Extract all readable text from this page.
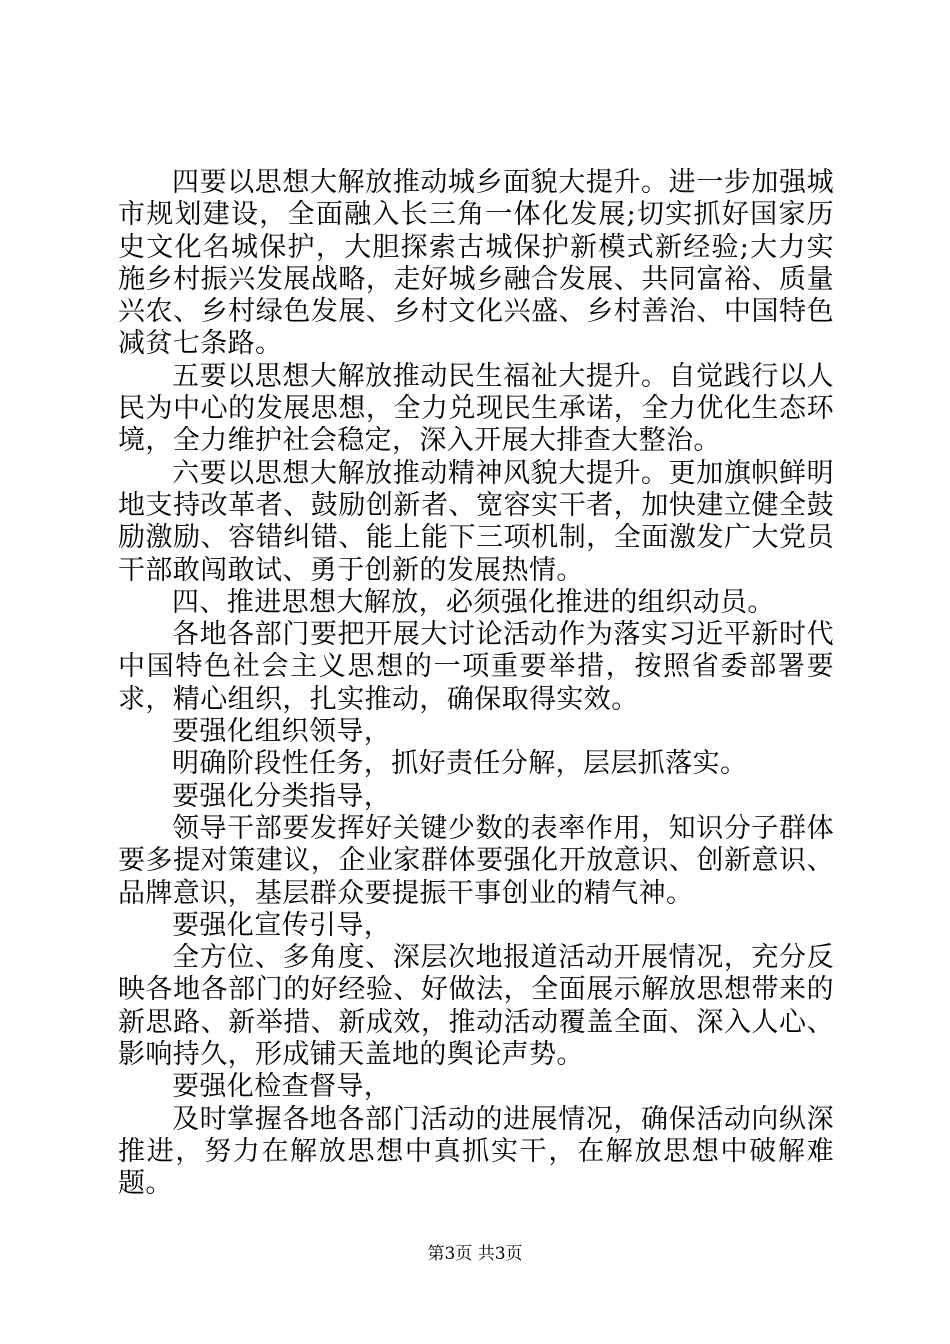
四要以思想大解放推动城乡面貌大提升。进一步加强城市规划建设，全面融入长三角一体化发展;切实抓好国家历史文化名城保护，大胆探索古城保护新模式新经验;大力实施乡村振兴发展战略，走好城乡融合发展、共同富裕、质量兴农、乡村绿色发展、乡村文化兴盛、乡村善治、中国特色减贫七条路。

五要以思想大解放推动民生福祉大提升。自觉践行以人民为中心的发展思想，全力兑现民生承诺，全力优化生态环境，全力维护社会稳定，深入开展大排查大整治。

六要以思想大解放推动精神风貌大提升。更加旗帜鲜明地支持改革者、鼓励创新者、宽容实干者，加快建立健全鼓励激励、容错纠错、能上能下三项机制，全面激发广大党员干部敢闯敢试、勇于创新的发展热情。

四、推进思想大解放，必须强化推进的组织动员。

各地各部门要把开展大讨论活动作为落实习近平新时代中国特色社会主义思想的一项重要举措，按照省委部署要求，精心组织，扎实推动，确保取得实效。

要强化组织领导，

明确阶段性任务，抓好责任分解，层层抓落实。

要强化分类指导，

领导干部要发挥好关键少数的表率作用，知识分子群体要多提对策建议，企业家群体要强化开放意识、创新意识、品牌意识，基层群众要提振干事创业的精气神。

要强化宣传引导，

全方位、多角度、深层次地报道活动开展情况，充分反映各地各部门的好经验、好做法，全面展示解放思想带来的新思路、新举措、新成效，推动活动覆盖全面、深入人心、影响持久，形成铺天盖地的舆论声势。

要强化检查督导，

及时掌握各地各部门活动的进展情况，确保活动向纵深推进，努力在解放思想中真抓实干，在解放思想中破解难题。

第3页 共3页
